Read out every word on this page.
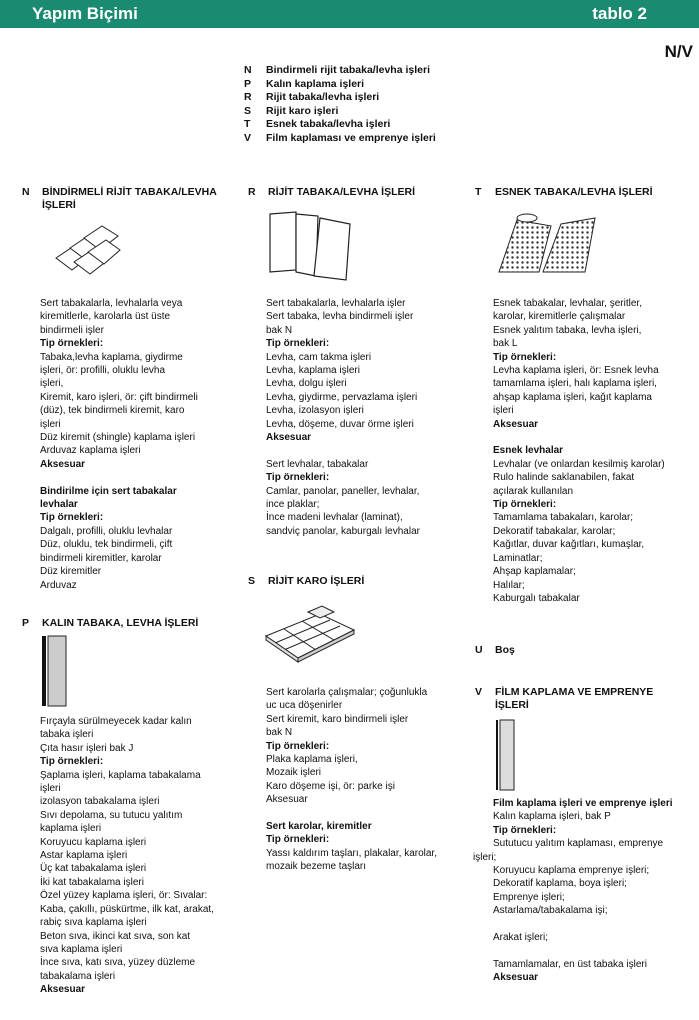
Yapım Biçimi	tablo 2
N/V
N	Bindirmeli rijit tabaka/levha işleri
P	Kalın kaplama işleri
R	Rijit tabaka/levha işleri
S	Rijit karo işleri
T	Esnek tabaka/levha işleri
V	Film kaplaması ve emprenye işleri
N BİNDİRMELİ RİJİT TABAKA/LEVHA İŞLERİ
R RİJİT TABAKA/LEVHA İŞLERİ	T ESNEK TABAKA/LEVHA İŞLERİ
P KALIN TABAKA, LEVHA İŞLERİ
S RİJİT KARO İŞLERİ
U Boş
V FİLM KAPLAMA VE EMPRENYE İŞLERİ
Sert tabakalarla, levhalarla veya
kiremitlerle, karolarla üst üste
bindirmeli işler
Tip örnekleri:
Tabaka,levha kaplama, giydirme
işleri, ör: profilli, oluklu levha
işleri,
Kiremit, karo işleri, ör: çift bindirmeli
(düz), tek bindirmeli kiremit, karo
işleri
Düz kiremit (shingle) kaplama işleri
Arduvaz kaplama işleri
Aksesuar
Bindirilme için sert tabakalar
levhalar
Tip örnekleri:
Dalgalı, profilli, oluklu levhalar
Düz, oluklu, tek bindirmeli, çift
bindirmeli kiremitler, karolar
Düz kiremitler
Arduvaz
Fırçayla sürülmeyecek kadar kalın
tabaka işleri
Çıta hasır işleri bak J
Tip örnekleri:
Şaplama işleri, kaplama tabakalama
işleri
izolasyon tabakalama işleri
Sıvı depolama, su tutucu yalıtım
kaplama işleri
Koruyucu kaplama işleri
Astar kaplama işleri
Üç kat tabakalama işleri
İki kat tabakalama işleri
Özel yüzey kaplama işleri, ör: Sıvalar:
Kaba, çakıllı, püskürtme, ilk kat, arakat,
rabiç sıva kaplama işleri
Beton sıva, ikinci kat sıva, son kat
sıva kaplama işleri
İnce sıva, katı sıva, yüzey düzleme
tabakalama işleri
Aksesuar
Sert tabakalarla, levhalarla işler
Sert tabaka, levha bindirmeli işler
bak N
Tip örnekleri:
Levha, cam takma işleri
Levha, kaplama işleri
Levha, dolgu işleri
Levha, giydirme, pervazlama işleri
Levha, izolasyon işleri
Levha, döşeme, duvar örme işleri
Aksesuar
Sert levhalar, tabakalar
Tip örnekleri:
Camlar, panolar, paneller, levhalar,
ince plaklar;
İnce madeni levhalar (laminat),
sandviç panolar, kaburgalı levhalar
Sert karolarla çalışmalar; çoğunlukla
uc uca döşenirler
Sert kiremit, karo bindirmeli işler
bak N
Tip örnekleri:
Plaka kaplama işleri,
Mozaik işleri
Karo döşeme işi, ör: parke işi
Aksesuar
Sert karolar, kiremitler
Tip örnekleri:
Yassı kaldırım taşları, plakalar, karolar,
mozaik bezeme taşları
Esnek tabakalar, levhalar, şeritler,
karolar, kiremitlerle çalışmalar
Esnek yalıtım tabaka, levha işleri,
bak L
Tip örnekleri:
Levha kaplama işleri, ör: Esnek levha
tamamlama işleri, halı kaplama işleri,
ahşap kaplama işleri, kağıt kaplama
işleri
Aksesuar
Esnek levhalar
Levhalar (ve onlardan kesilmiş karolar)
Rulo halinde saklanabilen, fakat
açılarak kullanılan
Tip örnekleri:
Tamamlama tabakaları, karolar;
Dekoratif tabakalar, karolar;
Kağıtlar, duvar kağıtları, kumaşlar,
Laminatlar;
Ahşap kaplamalar;
Halılar;
Kaburgalı tabakalar
Film kaplama işleri ve emprenye işleri
Kalın kaplama işleri, bak P
Tip örnekleri:
Sututucu yalıtım kaplaması, emprenye
işleri;
Koruyucu kaplama emprenye işleri;
Dekoratif kaplama, boya işleri;
Emprenye işleri;
Astarlama/tabakalama işi;
Arakat işleri;
Tamamlamalar, en üst tabaka işleri
Aksesuar
